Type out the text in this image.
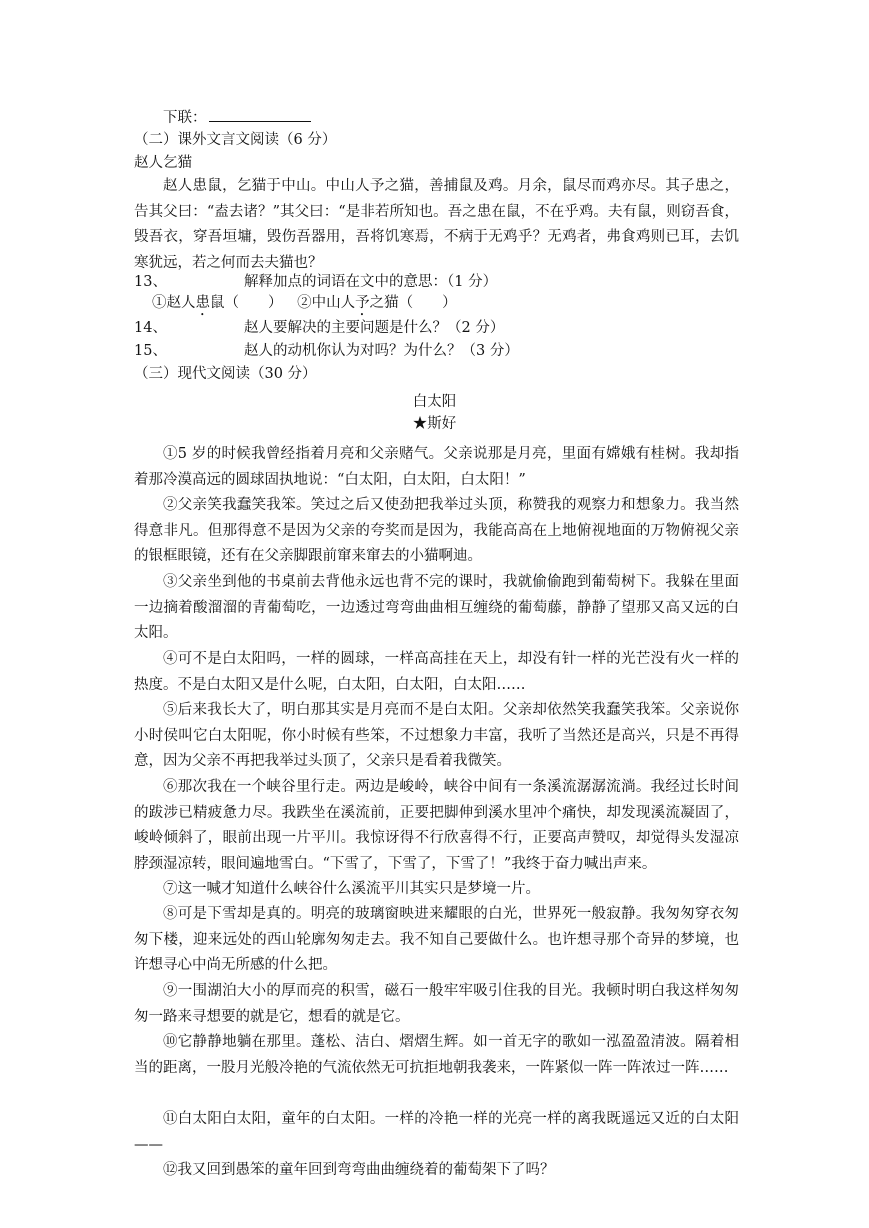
下联：
（二）课外文言文阅读（6 分）
赵人乞猫
赵人患鼠，乞猫于中山。中山人予之猫，善捕鼠及鸡。月余，鼠尽而鸡亦尽。其子患之，告其父曰：“盍去诸？”其父曰：“是非若所知也。吾之患在鼠，不在乎鸡。夫有鼠，则窃吾食，毁吾衣，穿吾垣墉，毁伤吾器用，吾将饥寒焉，不病于无鸡乎？无鸡者，弗食鸡则已耳，去饥寒犹远，若之何而去夫猫也？
13、	解释加点的词语在文中的意思：（1 分）
①赵人患鼠（　　） ②中山人予之猫（　　）
14、	赵人要解决的主要问题是什么？（2 分）
15、	赵人的动机你认为对吗？为什么？（3 分）
（三）现代文阅读（30 分）
白太阳
★斯好
①5 岁的时候我曾经指着月亮和父亲赌气。父亲说那是月亮，里面有嫦娥有桂树。我却指着那冷漠高远的圆球固执地说：“白太阳，白太阳，白太阳！”
②父亲笑我蠢笑我笨。笑过之后又使劲把我举过头顶，称赞我的观察力和想象力。我当然得意非凡。但那得意不是因为父亲的夸奖而是因为，我能高高在上地俯视地面的万物俯视父亲的银框眼镜，还有在父亲脚跟前窜来窜去的小猫啊迪。
③父亲坐到他的书桌前去背他永远也背不完的课时，我就偷偷跑到葡萄树下。我躲在里面一边摘着酸溜溜的青葡萄吃，一边透过弯弯曲曲相互缠绕的葡萄藤，静静了望那又高又远的白太阳。
④可不是白太阳吗，一样的圆球，一样高高挂在天上，却没有针一样的光芒没有火一样的热度。不是白太阳又是什么呢，白太阳，白太阳，白太阳……
⑤后来我长大了，明白那其实是月亮而不是白太阳。父亲却依然笑我蠢笑我笨。父亲说你小时侯叫它白太阳呢，你小时候有些笨，不过想象力丰富，我听了当然还是高兴，只是不再得意，因为父亲不再把我举过头顶了，父亲只是看着我微笑。
⑥那次我在一个峡谷里行走。两边是峻岭，峡谷中间有一条溪流潺潺流淌。我经过长时间的跋涉已精疲惫力尽。我跌坐在溪流前，正要把脚伸到溪水里冲个痛快，却发现溪流凝固了，峻岭倾斜了，眼前出现一片平川。我惊讶得不行欣喜得不行，正要高声赞叹，却觉得头发湿凉脖颈湿凉转，眼间遍地雪白。“下雪了，下雪了，下雪了！”我终于奋力喊出声来。
⑦这一喊才知道什么峡谷什么溪流平川其实只是梦境一片。
⑧可是下雪却是真的。明亮的玻璃窗映进来耀眼的白光，世界死一般寂静。我匆匆穿衣匆匆下楼，迎来远处的西山轮廓匆匆走去。我不知自己要做什么。也许想寻那个奇异的梦境，也许想寻心中尚无所感的什么把。
⑨一围湖泊大小的厚而亮的积雪，磁石一般牢牢吸引住我的目光。我顿时明白我这样匆匆匆一路来寻想要的就是它，想看的就是它。
⑩它静静地躺在那里。蓬松、洁白、熠熠生辉。如一首无字的歌如一泓盈盈清波。隔着相当的距离，一股月光般冷艳的气流依然无可抗拒地朝我袭来，一阵紧似一阵一阵浓过一阵……
⑪白太阳白太阳，童年的白太阳。一样的冷艳一样的光亮一样的离我既遥远又近的白太阳——
⑫我又回到愚笨的童年回到弯弯曲曲缠绕着的葡萄架下了吗？
